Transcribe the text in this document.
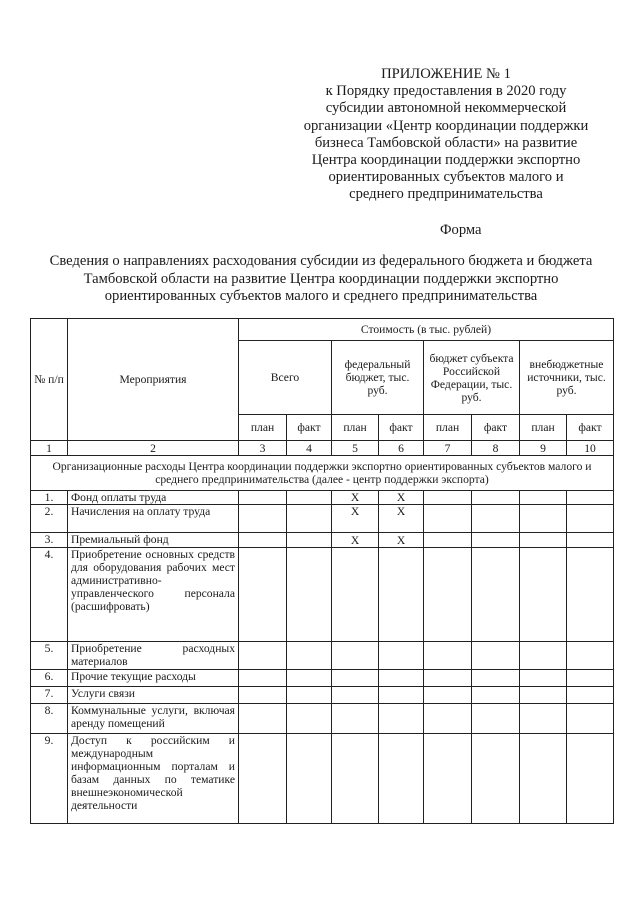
ПРИЛОЖЕНИЕ № 1
к Порядку предоставления в 2020 году
субсидии автономной некоммерческой
организации «Центр координации поддержки
бизнеса Тамбовской области» на развитие
Центра координации поддержки экспортно
ориентированных субъектов малого и
среднего предпринимательства
Форма
Сведения о направлениях расходования субсидии из федерального бюджета и бюджета
Тамбовской области на развитие Центра координации поддержки экспортно
ориентированных субъектов малого и среднего предпринимательства
№ п/п	Мероприятия	Стоимость (в тыс. рублей)							
		Всего		федеральный бюджет, тыс. руб.		бюджет субъекта Российской Федерации, тыс. руб.		внебюджетные источники, тыс. руб.	
		план	факт	план	факт	план	факт	план	факт
1	2	3	4	5	6	7	8	9	10
Организационные расходы Центра координации поддержки экспортно ориентированных субъектов малого и среднего предпринимательства (далее - центр поддержки экспорта)									
1.	Фонд оплаты труда			X	X				
2.	Начисления на оплату труда			X	X				
3.	Премиальный фонд			X	X				
4.	Приобретение основных средств для оборудования рабочих мест административно-управленческого персонала (расшифровать)								
5.	Приобретение расходных материалов								
6.	Прочие текущие расходы								
7.	Услуги связи								
8.	Коммунальные услуги, включая аренду помещений								
9.	Доступ к российским и международным информационным порталам и базам данных по тематике внешнеэкономической деятельности								
